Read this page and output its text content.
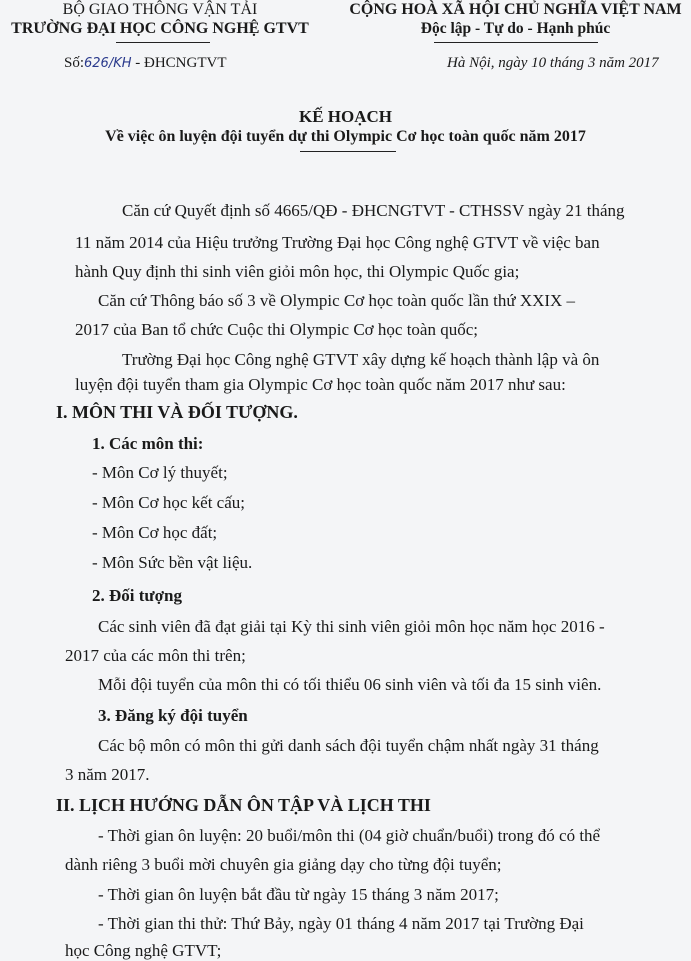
BỘ GIAO THÔNG VẬN TẢI
TRƯỜNG ĐẠI HỌC CÔNG NGHỆ GTVT
CỘNG HOÀ XÃ HỘI CHỦ NGHĨA VIỆT NAM
Độc lập - Tự do - Hạnh phúc
Số:626/KH - ĐHCNGTVT	Hà Nội, ngày 10 tháng 3 năm 2017

KẾ HOẠCH
Về việc ôn luyện đội tuyển dự thi Olympic Cơ học toàn quốc năm 2017
Căn cứ Quyết định số 4665/QĐ - ĐHCNGTVT - CTHSSV ngày 21 tháng
11 năm 2014 của Hiệu trưởng Trường Đại học Công nghệ GTVT về việc ban
hành Quy định thi sinh viên giỏi môn học, thi Olympic Quốc gia;
Căn cứ Thông báo số 3 về Olympic Cơ học toàn quốc lần thứ XXIX –
2017 của Ban tổ chức Cuộc thi Olympic Cơ học toàn quốc;
Trường Đại học Công nghệ GTVT xây dựng kế hoạch thành lập và ôn
luyện đội tuyển tham gia Olympic Cơ học toàn quốc năm 2017 như sau:
I. MÔN THI VÀ ĐỐI TƯỢNG.
1. Các môn thi:
- Môn Cơ lý thuyết;
- Môn Cơ học kết cấu;
- Môn Cơ học đất;
- Môn Sức bền vật liệu.
2. Đối tượng
Các sinh viên đã đạt giải tại Kỳ thi sinh viên giỏi môn học năm học 2016 -
2017 của các môn thi trên;
Mỗi đội tuyển của môn thi có tối thiểu 06 sinh viên và tối đa 15 sinh viên.
3. Đăng ký đội tuyển
Các bộ môn có môn thi gửi danh sách đội tuyển chậm nhất ngày 31 tháng
3 năm 2017.
II. LỊCH HƯỚNG DẪN ÔN TẬP VÀ LỊCH THI
- Thời gian ôn luyện: 20 buổi/môn thi (04 giờ chuẩn/buổi) trong đó có thể
dành riêng 3 buổi mời chuyên gia giảng dạy cho từng đội tuyển;
- Thời gian ôn luyện bắt đầu từ ngày 15 tháng 3 năm 2017;
- Thời gian thi thử: Thứ Bảy, ngày 01 tháng 4 năm 2017 tại Trường Đại
học Công nghệ GTVT;
